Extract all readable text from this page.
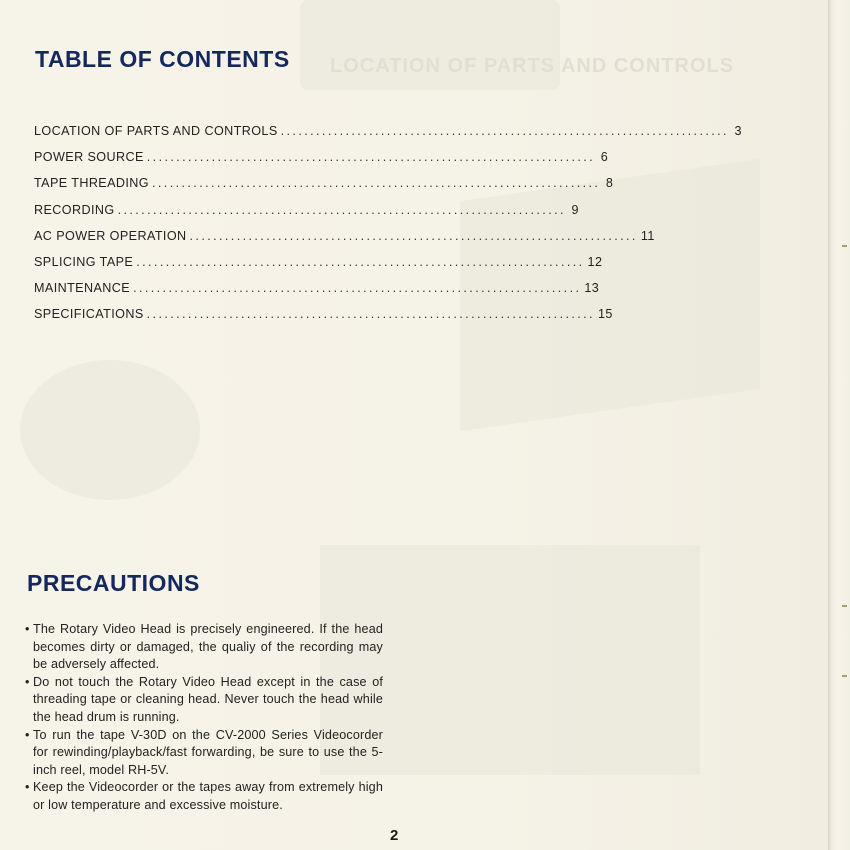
LOCATION OF PARTS AND CONTROLS
TABLE OF CONTENTS
LOCATION OF PARTS AND CONTROLS ............................................................................ 3
POWER SOURCE ............................................................................ 6
TAPE THREADING ............................................................................ 8
RECORDING ............................................................................ 9
AC POWER OPERATION ............................................................................ 11
SPLICING TAPE ............................................................................ 12
MAINTENANCE ............................................................................ 13
SPECIFICATIONS ............................................................................ 15
PRECAUTIONS
• The Rotary Video Head is precisely engineered. If the head becomes dirty or damaged, the qualiy of the recording may be adversely affected.
• Do not touch the Rotary Video Head except in the case of threading tape or cleaning head. Never touch the head while the head drum is running.
• To run the tape V-30D on the CV-2000 Series Videocorder for rewinding/playback/fast forwarding, be sure to use the 5-inch reel, model RH-5V.
• Keep the Videocorder or the tapes away from extremely high or low temperature and excessive moisture.
2
